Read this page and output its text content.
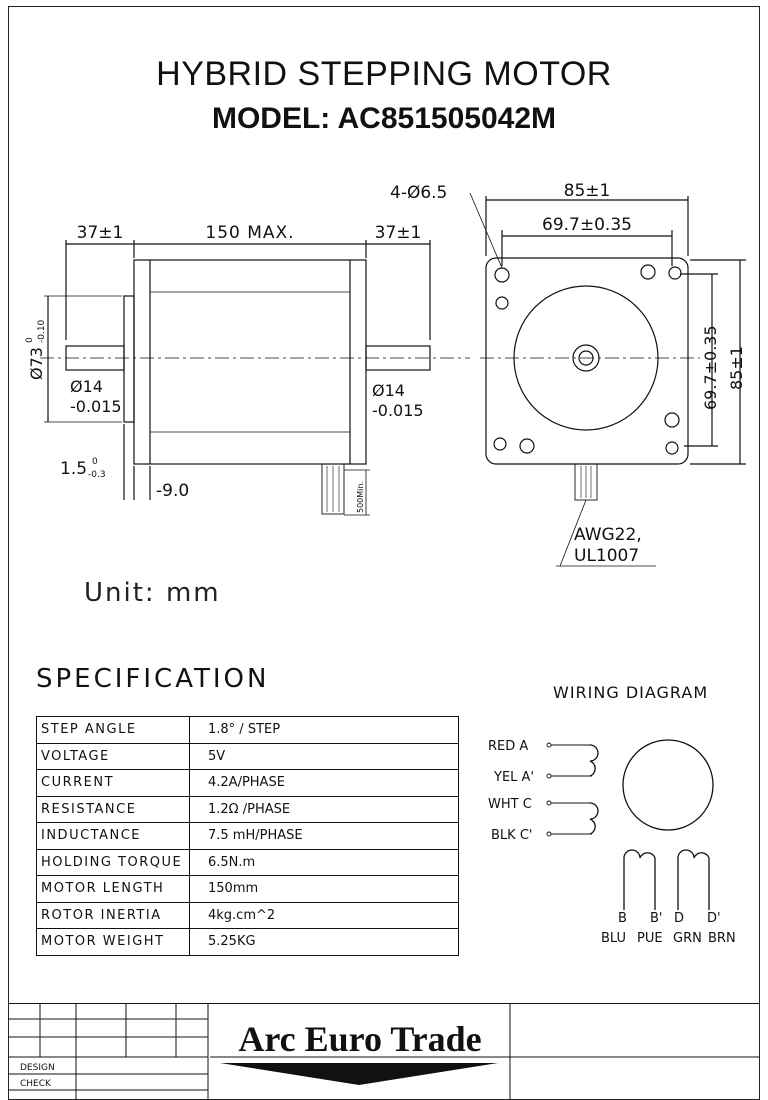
HYBRID STEPPING MOTOR
MODEL: AC851505042M
37±1	150 MAX.	37±1
Ø73
0 -0.10
Ø14
-0.015
Ø14
-0.015
1.5 0
-0.3
-9.0	500Min.
4-Ø6.5	85±1
69.7±0.35
69.7±0.35 85±1
AWG22,
UL1007
Unit: mm
SPECIFICATION
STEP ANGLE	1.8° / STEP
VOLTAGE	5V
CURRENT	4.2A/PHASE
RESISTANCE	1.2Ω /PHASE
INDUCTANCE	7.5 mH/PHASE
HOLDING TORQUE	6.5N.m
MOTOR LENGTH	150mm
ROTOR INERTIA	4kg.cm^2
MOTOR WEIGHT	5.25KG
WIRING DIAGRAM
RED A
YEL A'
WHT C
BLK C'
B B' D D'
BLU PUE GRN BRN
DESIGN
CHECK
Arc Euro Trade
